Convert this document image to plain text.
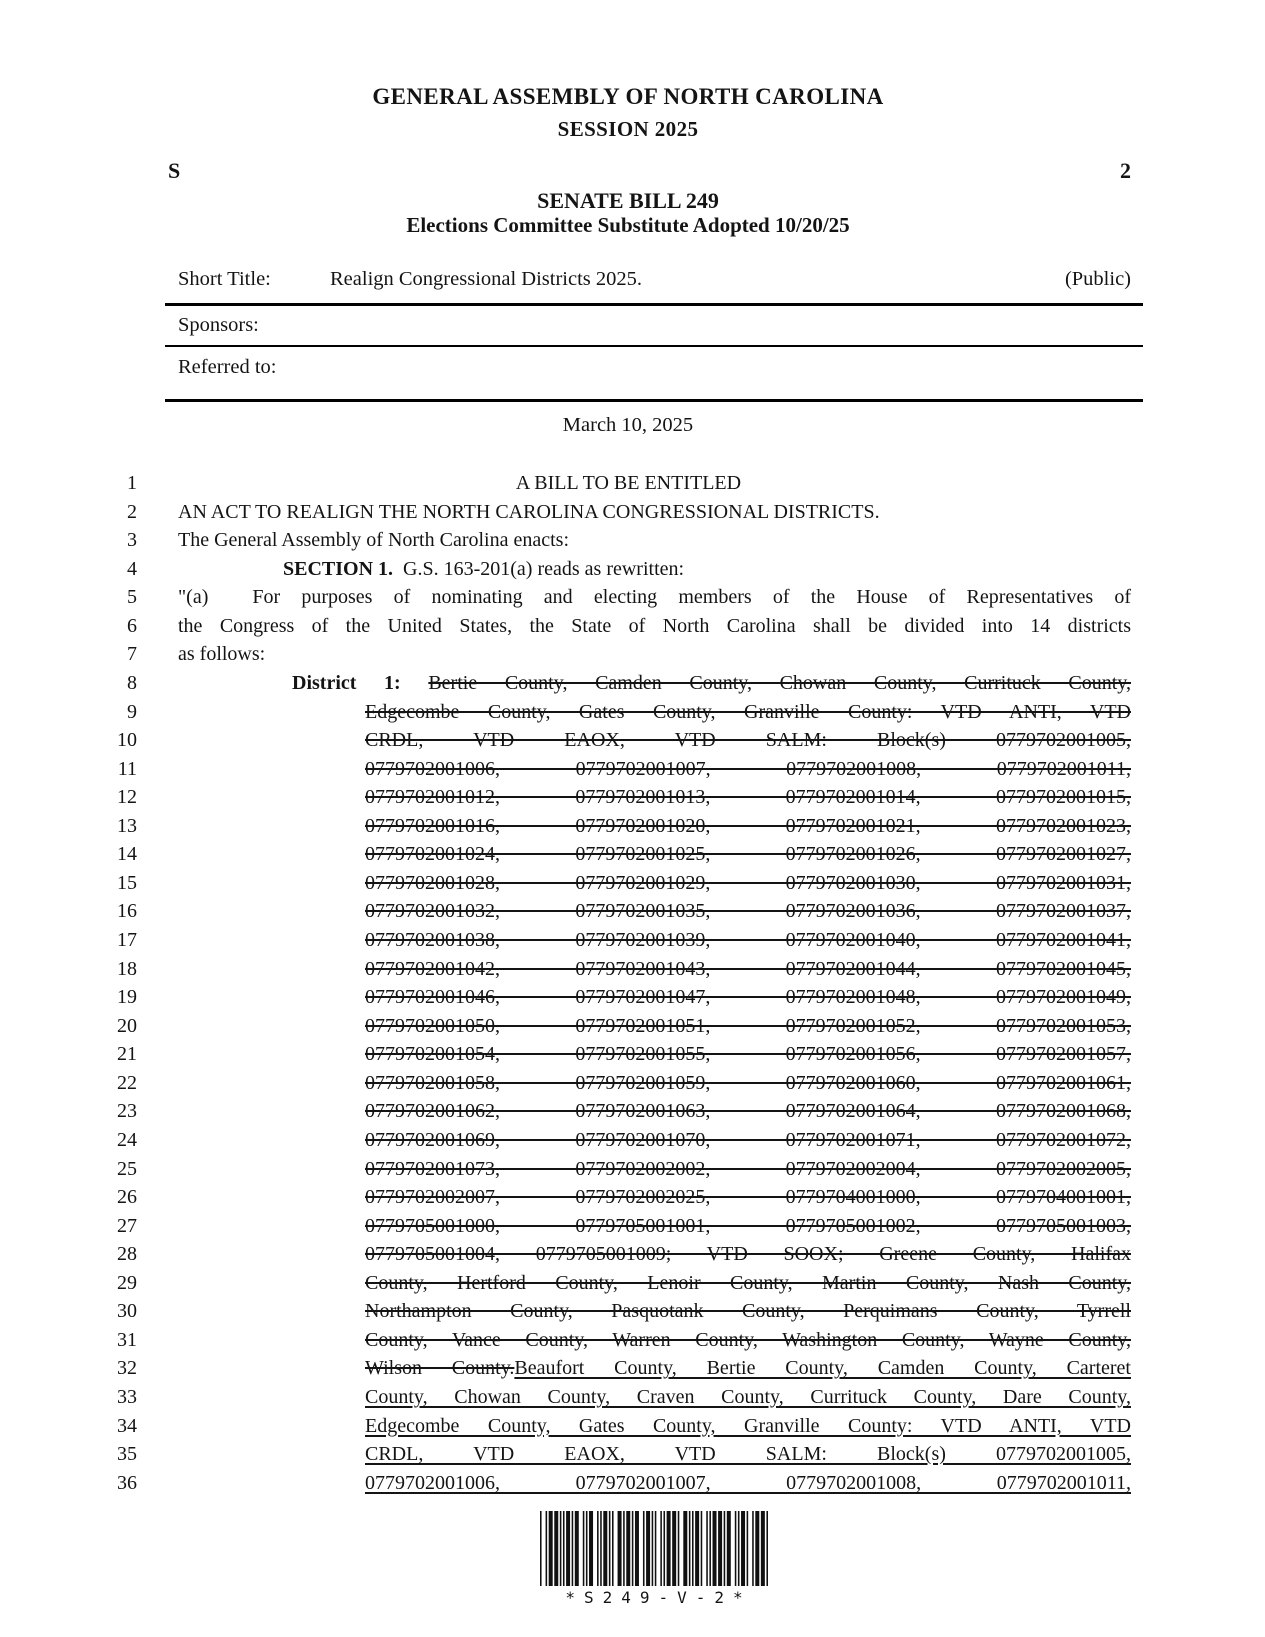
GENERAL ASSEMBLY OF NORTH CAROLINA
SESSION 2025
S	2
SENATE BILL 249
Elections Committee Substitute Adopted 10/20/25
Short Title:	Realign Congressional Districts 2025.	(Public)
Sponsors:
Referred to:
March 10, 2025
1	A BILL TO BE ENTITLED
2 AN ACT TO REALIGN THE NORTH CAROLINA CONGRESSIONAL DISTRICTS.
3 The General Assembly of North Carolina enacts:
4	SECTION 1. G.S. 163-201(a) reads as rewritten:
5 "(a) For purposes of nominating and electing members of the House of Representatives of
6 the Congress of the United States, the State of North Carolina shall be divided into 14 districts
7 as follows:
8	District 1: Bertie County, Camden County, Chowan County, Currituck County,
9	Edgecombe County, Gates County, Granville County: VTD ANTI, VTD
10	CRDL, VTD EAOX, VTD SALM: Block(s) 0779702001005,
11	0779702001006, 0779702001007, 0779702001008, 0779702001011,
12	0779702001012, 0779702001013, 0779702001014, 0779702001015,
13	0779702001016, 0779702001020, 0779702001021, 0779702001023,
14	0779702001024, 0779702001025, 0779702001026, 0779702001027,
15	0779702001028, 0779702001029, 0779702001030, 0779702001031,
16	0779702001032, 0779702001035, 0779702001036, 0779702001037,
17	0779702001038, 0779702001039, 0779702001040, 0779702001041,
18	0779702001042, 0779702001043, 0779702001044, 0779702001045,
19	0779702001046, 0779702001047, 0779702001048, 0779702001049,
20	0779702001050, 0779702001051, 0779702001052, 0779702001053,
21	0779702001054, 0779702001055, 0779702001056, 0779702001057,
22	0779702001058, 0779702001059, 0779702001060, 0779702001061,
23	0779702001062, 0779702001063, 0779702001064, 0779702001068,
24	0779702001069, 0779702001070, 0779702001071, 0779702001072,
25	0779702001073, 0779702002002, 0779702002004, 0779702002005,
26	0779702002007, 0779702002025, 0779704001000, 0779704001001,
27	0779705001000, 0779705001001, 0779705001002, 0779705001003,
28	0779705001004, 0779705001009; VTD SOOX; Greene County, Halifax
29	County, Hertford County, Lenoir County, Martin County, Nash County,
30	Northampton County, Pasquotank County, Perquimans County, Tyrrell
31	County, Vance County, Warren County, Washington County, Wayne County,
32	Wilson County.Beaufort County, Bertie County, Camden County, Carteret
33	County, Chowan County, Craven County, Currituck County, Dare County,
34	Edgecombe County, Gates County, Granville County: VTD ANTI, VTD
35	CRDL, VTD EAOX, VTD SALM: Block(s) 0779702001005,
36	0779702001006, 0779702001007, 0779702001008, 0779702001011,
*S249-V-2*
